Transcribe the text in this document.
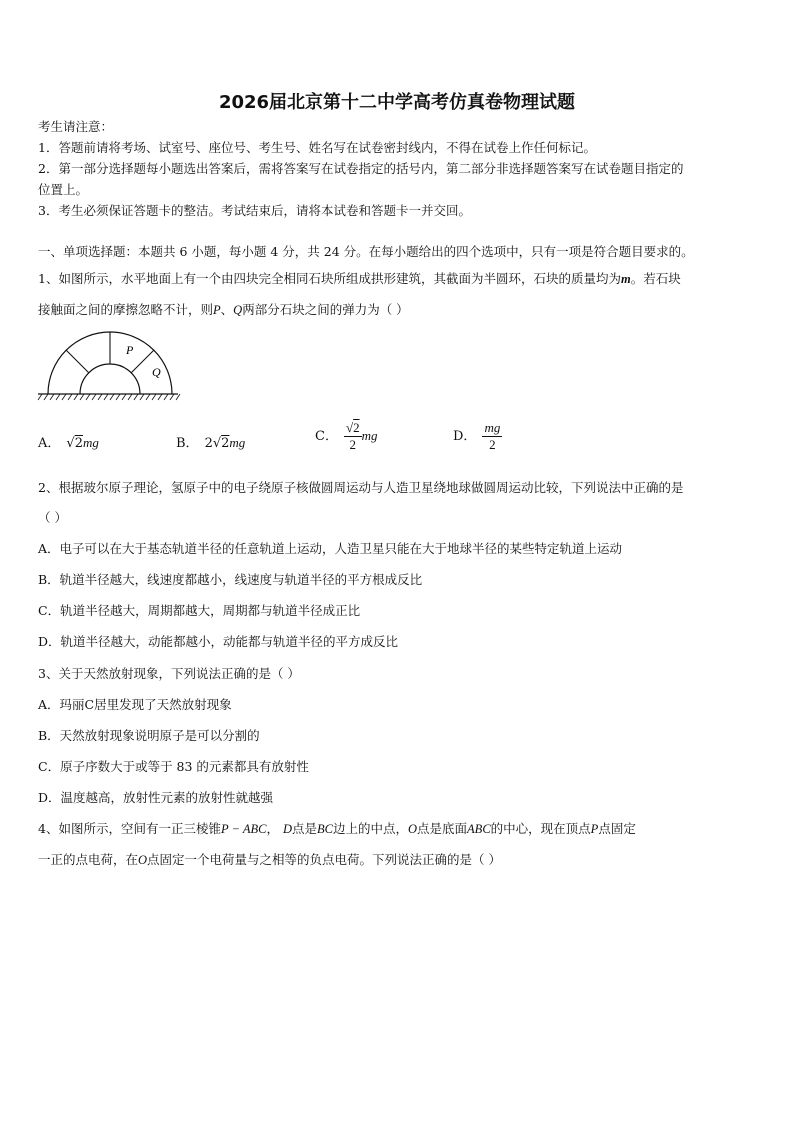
2026届北京第十二中学高考仿真卷物理试题
考生请注意：
1．答题前请将考场、试室号、座位号、考生号、姓名写在试卷密封线内，不得在试卷上作任何标记。
2．第一部分选择题每小题选出答案后，需将答案写在试卷指定的括号内，第二部分非选择题答案写在试卷题目指定的
位置上。
3．考生必须保证答题卡的整洁。考试结束后，请将本试卷和答题卡一并交回。
一、单项选择题：本题共 6 小题，每小题 4 分，共 24 分。在每小题给出的四个选项中，只有一项是符合题目要求的。
1、如图所示，水平地面上有一个由四块完全相同石块所组成拱形建筑，其截面为半圆环，石块的质量均为m。若石块
接触面之间的摩擦忽略不计，则P、Q两部分石块之间的弹力为（ ）
P
Q
A． √2mg	B． 2√2mg	C． $\frac{√2}{2}$ mg	D． $\frac{mg}{2}$
2、根据玻尔原子理论，氢原子中的电子绕原子核做圆周运动与人造卫星绕地球做圆周运动比较，下列说法中正确的是
（ ）
A．电子可以在大于基态轨道半径的任意轨道上运动，人造卫星只能在大于地球半径的某些特定轨道上运动
B．轨道半径越大，线速度都越小，线速度与轨道半径的平方根成反比
C．轨道半径越大，周期都越大，周期都与轨道半径成正比
D．轨道半径越大，动能都越小，动能都与轨道半径的平方成反比
3、关于天然放射现象，下列说法正确的是（ ）
A．玛丽C居里发现了天然放射现象
B．天然放射现象说明原子是可以分割的
C．原子序数大于或等于 83 的元素都具有放射性
D．温度越高，放射性元素的放射性就越强
4、如图所示，空间有一正三棱锥P − ABC， D点是BC边上的中点，O点是底面ABC的中心，现在顶点P点固定
一正的点电荷，在O点固定一个电荷量与之相等的负点电荷。下列说法正确的是（ ）
